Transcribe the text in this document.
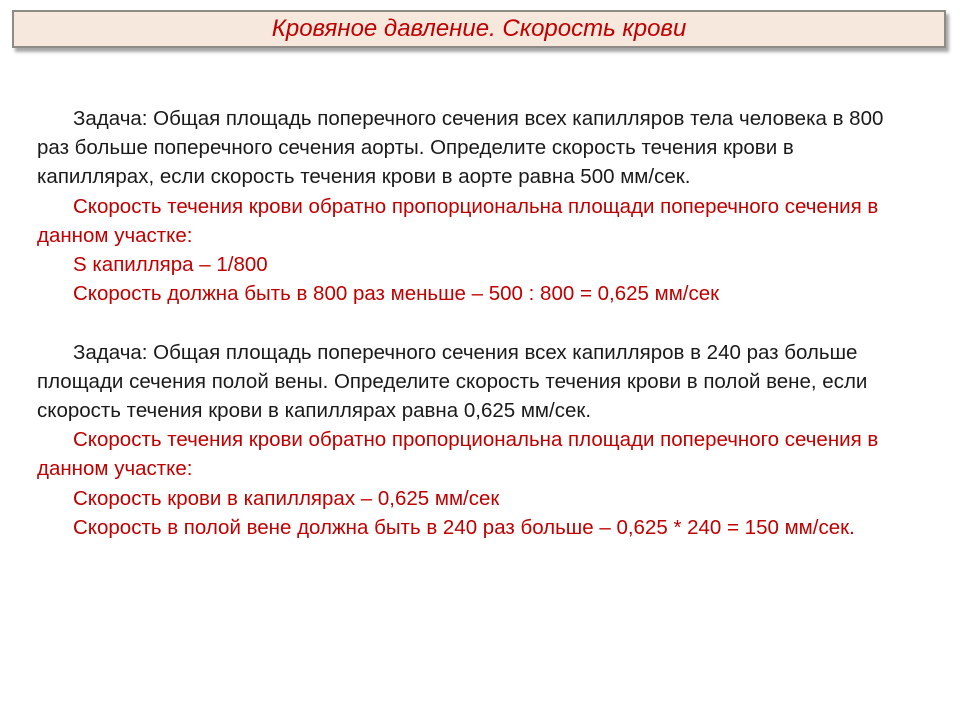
Кровяное давление. Скорость крови

Задача: Общая площадь поперечного сечения всех капилляров тела человека в 800 раз больше поперечного сечения аорты. Определите скорость течения крови в капиллярах, если скорость течения крови в аорте равна 500 мм/сек.

Скорость течения крови обратно пропорциональна площади поперечного сечения в данном участке:

S капилляра – 1/800

Скорость должна быть в 800 раз меньше – 500 : 800 = 0,625 мм/сек

Задача: Общая площадь поперечного сечения всех капилляров в 240 раз больше площади сечения полой вены. Определите скорость течения крови в полой вене, если скорость течения крови в капиллярах равна 0,625 мм/сек.

Скорость течения крови обратно пропорциональна площади поперечного сечения в данном участке:

Скорость крови в капиллярах – 0,625 мм/сек

Скорость в полой вене должна быть в 240 раз больше – 0,625 * 240 = 150 мм/сек.
